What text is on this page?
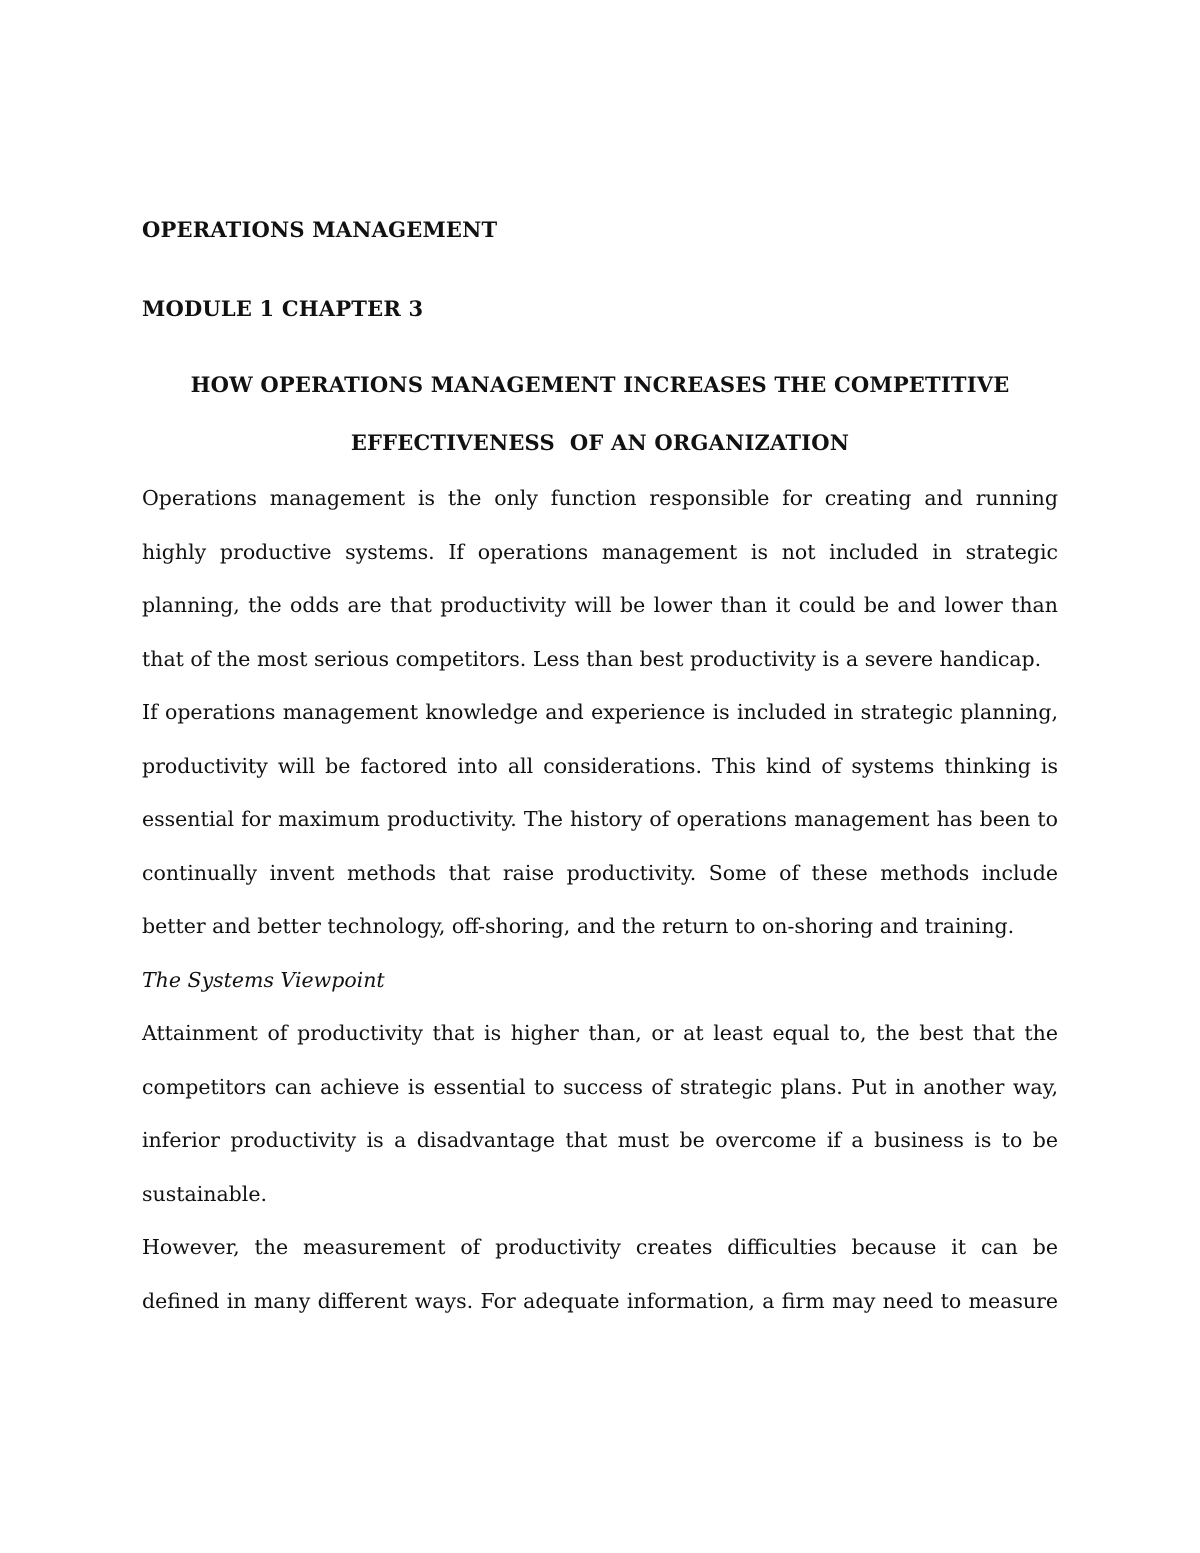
OPERATIONS MANAGEMENT

MODULE 1 CHAPTER 3

HOW OPERATIONS MANAGEMENT INCREASES THE COMPETITIVE

EFFECTIVENESS  OF AN ORGANIZATION

Operations management is the only function responsible for creating and running highly productive systems. If operations management is not included in strategic planning, the odds are that productivity will be lower than it could be and lower than that of the most serious competitors. Less than best productivity is a severe handicap.

If operations management knowledge and experience is included in strategic planning, productivity will be factored into all considerations. This kind of systems thinking is essential for maximum productivity. The history of operations management has been to continually invent methods that raise productivity. Some of these methods include better and better technology, off-shoring, and the return to on-shoring and training.

The Systems Viewpoint

Attainment of productivity that is higher than, or at least equal to, the best that the competitors can achieve is essential to success of strategic plans. Put in another way, inferior productivity is a disadvantage that must be overcome if a business is to be sustainable.

However, the measurement of productivity creates difficulties because it can be defined in many different ways. For adequate information, a firm may need to measure
